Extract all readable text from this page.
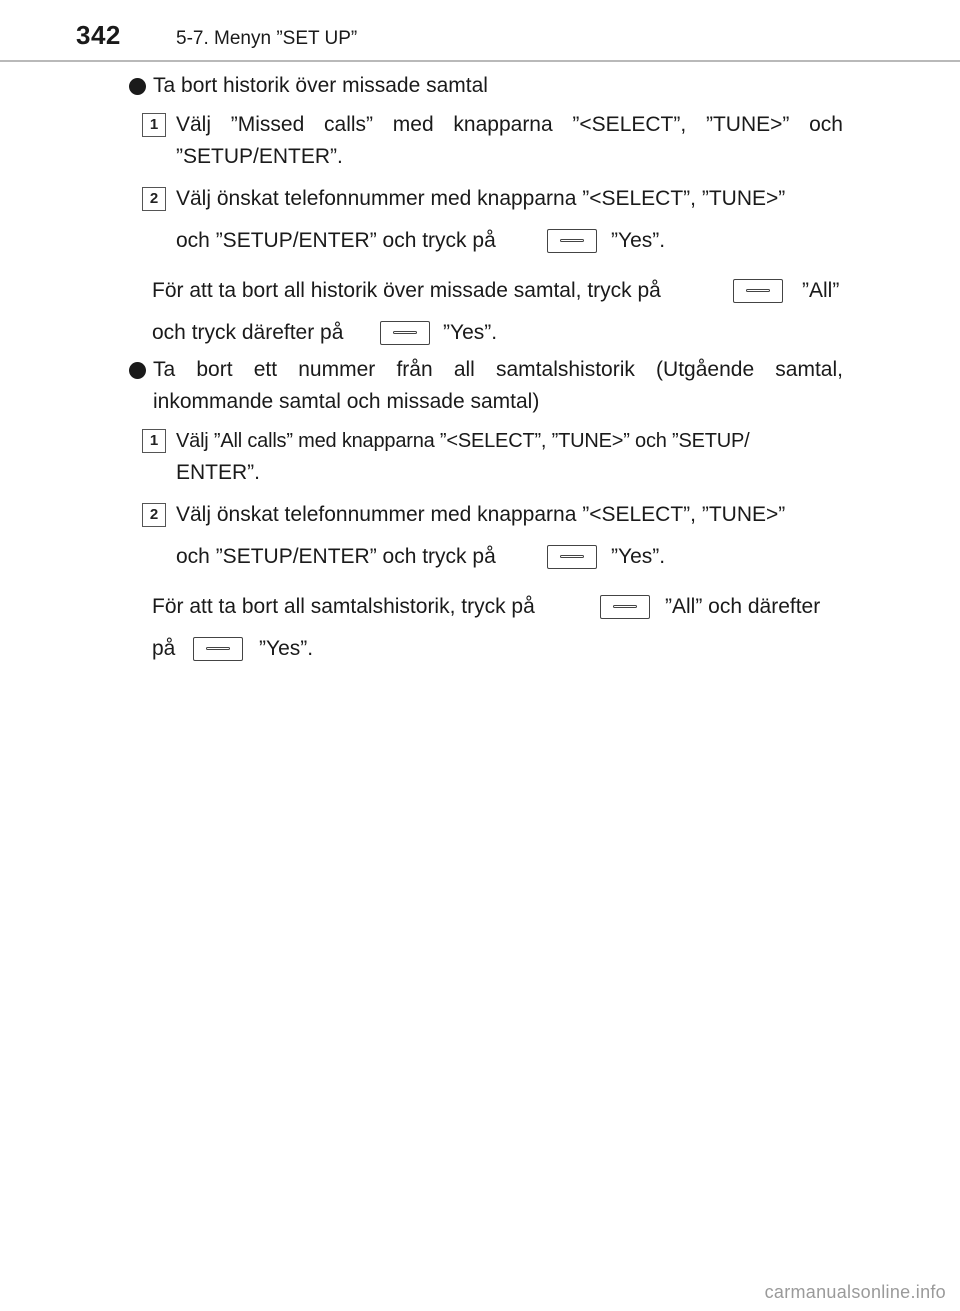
342	5-7. Menyn ”SET UP”
Ta bort historik över missade samtal
1 Välj ”Missed calls” med knapparna ”<SELECT”, ”TUNE>” och
”SETUP/ENTER”.
2 Välj önskat telefonnummer med knapparna ”<SELECT”, ”TUNE>”
och ”SETUP/ENTER” och tryck på	”Yes”.
För att ta bort all historik över missade samtal, tryck på	”All”
och tryck därefter på	”Yes”.
Ta bort ett nummer från all samtalshistorik (Utgående samtal,
inkommande samtal och missade samtal)
1 Välj ”All calls” med knapparna ”<SELECT”, ”TUNE>” och ”SETUP/
ENTER”.
2 Välj önskat telefonnummer med knapparna ”<SELECT”, ”TUNE>”
och ”SETUP/ENTER” och tryck på	”Yes”.
För att ta bort all samtalshistorik, tryck på	”All” och därefter
på	”Yes”.
carmanualsonline.info
